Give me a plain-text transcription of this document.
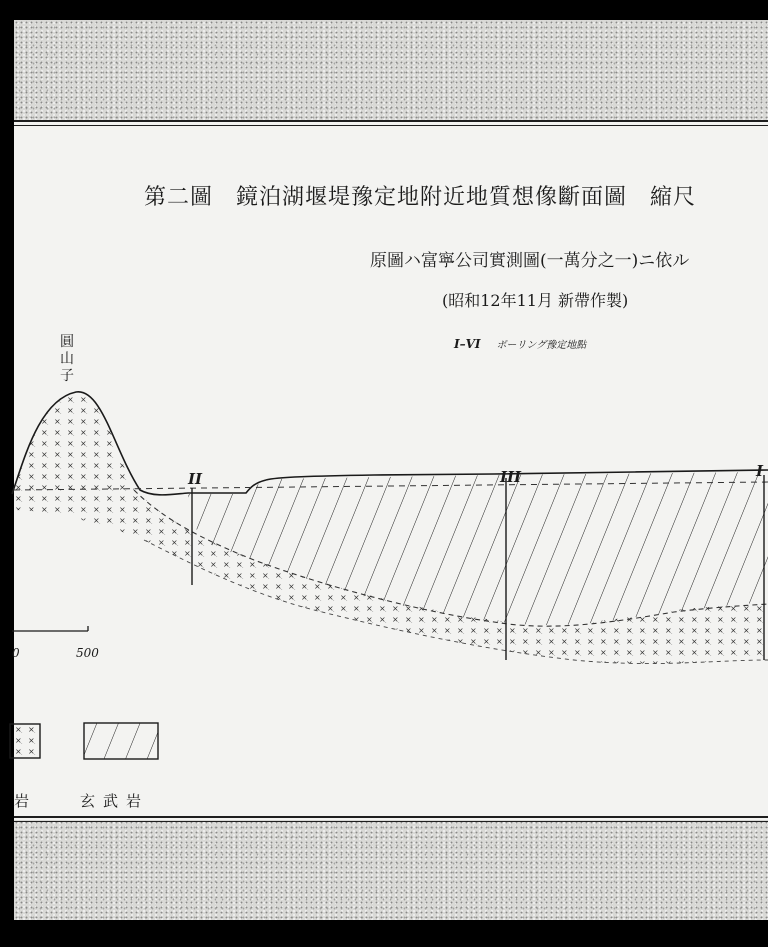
第二圖　鏡泊湖堰堤豫定地附近地質想像斷面圖　縮尺
原圖ハ富寧公司實測圖(一萬分之一)ニ依ル
(昭和12年11月 新帶作製)
I–VI ボーリング豫定地點
圓山子
II	III	I
0	500
岩	玄武岩
